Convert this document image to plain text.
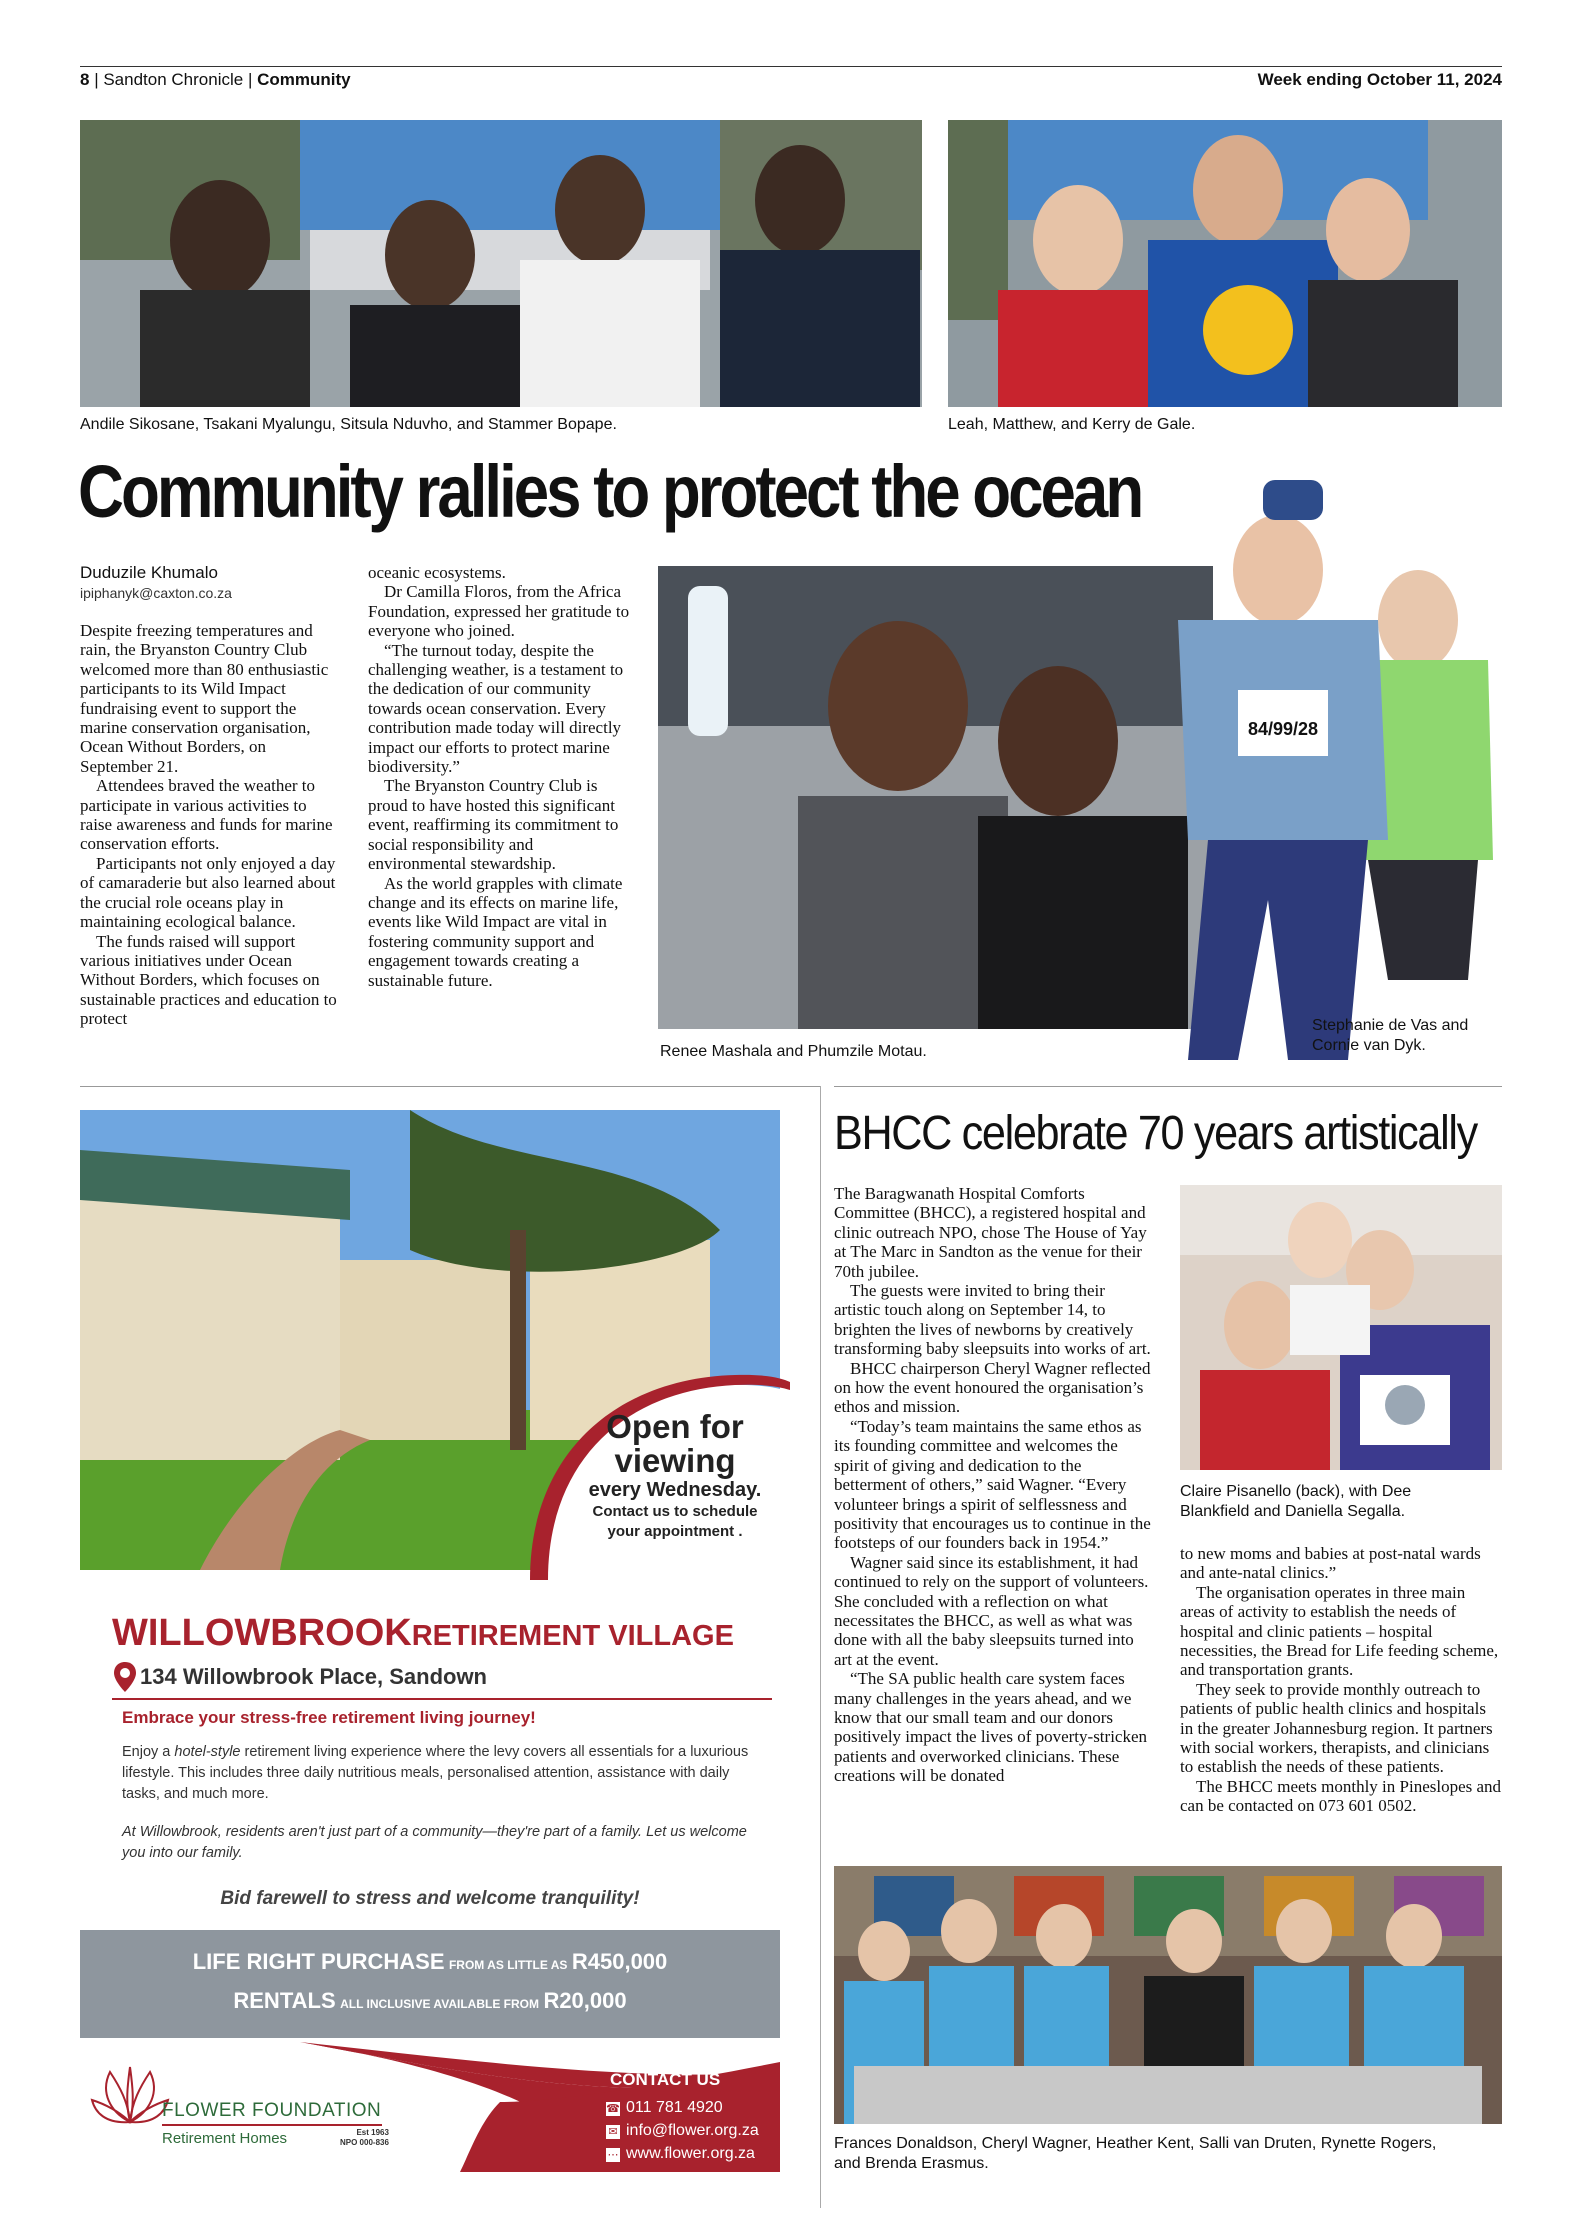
8 | Sandton Chronicle | Community	Week ending October 11, 2024
Andile Sikosane, Tsakani Myalungu, Sitsula Nduvho, and Stammer Bopape.	Leah, Matthew, and Kerry de Gale.
Renee Mashala and Phumzile Motau.
84/99/28
Stephanie de Vas and
Cornie van Dyk.
Community rallies to protect the ocean
Duduzile Khumalo
ipiphanyk@caxton.co.za

Despite freezing temperatures and rain, the Bryanston Country Club welcomed more than 80 enthusiastic participants to its Wild Impact fundraising event to support the marine conservation organisation, Ocean Without Borders, on September 21.

Attendees braved the weather to participate in various activities to raise awareness and funds for marine conservation efforts.

Participants not only enjoyed a day of camaraderie but also learned about the crucial role oceans play in maintaining ecological balance.

The funds raised will support various initiatives under Ocean Without Borders, which focuses on sustainable practices and education to protect

oceanic ecosystems.

Dr Camilla Floros, from the Africa Foundation, expressed her gratitude to everyone who joined.

“The turnout today, despite the challenging weather, is a testament to the dedication of our community towards ocean conservation. Every contribution made today will directly impact our efforts to protect marine biodiversity.”

The Bryanston Country Club is proud to have hosted this significant event, reaffirming its commitment to social responsibility and environmental stewardship.

As the world grapples with climate change and its effects on marine life, events like Wild Impact are vital in fostering community support and engagement towards creating a sustainable future.

Open for
viewing
every Wednesday.
Contact us to schedule
your appointment .
WILLOWBROOKRETIREMENT VILLAGE
134 Willowbrook Place, Sandown
Embrace your stress-free retirement living journey!
Enjoy a hotel-style retirement living experience where the levy covers all essentials for a luxurious lifestyle. This includes three daily nutritious meals, personalised attention, assistance with daily tasks, and much more.
At Willowbrook, residents aren't just part of a community—they're part of a family. Let us welcome you into our family.
Bid farewell to stress and welcome tranquility!
LIFE RIGHT PURCHASE FROM AS LITTLE AS R450,000
RENTALS ALL INCLUSIVE AVAILABLE FROM R20,000
FLOWER FOUNDATION
Retirement Homes	Est 1963
NPO 000-836
CONTACT US
☎ 011 781 4920
✉ info@flower.org.za
⋯ www.flower.org.za
BHCC celebrate 70 years artistically

The Baragwanath Hospital Comforts Committee (BHCC), a registered hospital and clinic outreach NPO, chose The House of Yay at The Marc in Sandton as the venue for their 70th jubilee.

The guests were invited to bring their artistic touch along on September 14, to brighten the lives of newborns by creatively transforming baby sleepsuits into works of art.

BHCC chairperson Cheryl Wagner reflected on how the event honoured the organisation’s ethos and mission.

“Today’s team maintains the same ethos as its founding committee and welcomes the spirit of giving and dedication to the betterment of others,” said Wagner. “Every volunteer brings a spirit of selflessness and positivity that encourages us to continue in the footsteps of our founders back in 1954.”

Wagner said since its establishment, it had continued to rely on the support of volunteers. She concluded with a reflection on what necessitates the BHCC, as well as what was done with all the baby sleepsuits turned into art at the event.

“The SA public health care system faces many challenges in the years ahead, and we know that our small team and our donors positively impact the lives of poverty-stricken patients and overworked clinicians. These creations will be donated

Claire Pisanello (back), with Dee
Blankfield and Daniella Segalla.

to new moms and babies at post-natal wards and ante-natal clinics.”

The organisation operates in three main areas of activity to establish the needs of hospital and clinic patients – hospital necessities, the Bread for Life feeding scheme, and transportation grants.

They seek to provide monthly outreach to patients of public health clinics and hospitals in the greater Johannesburg region. It partners with social workers, therapists, and clinicians to establish the needs of these patients.

The BHCC meets monthly in Pineslopes and can be contacted on 073 601 0502.

Frances Donaldson, Cheryl Wagner, Heather Kent, Salli van Druten, Rynette Rogers,
and Brenda Erasmus.
